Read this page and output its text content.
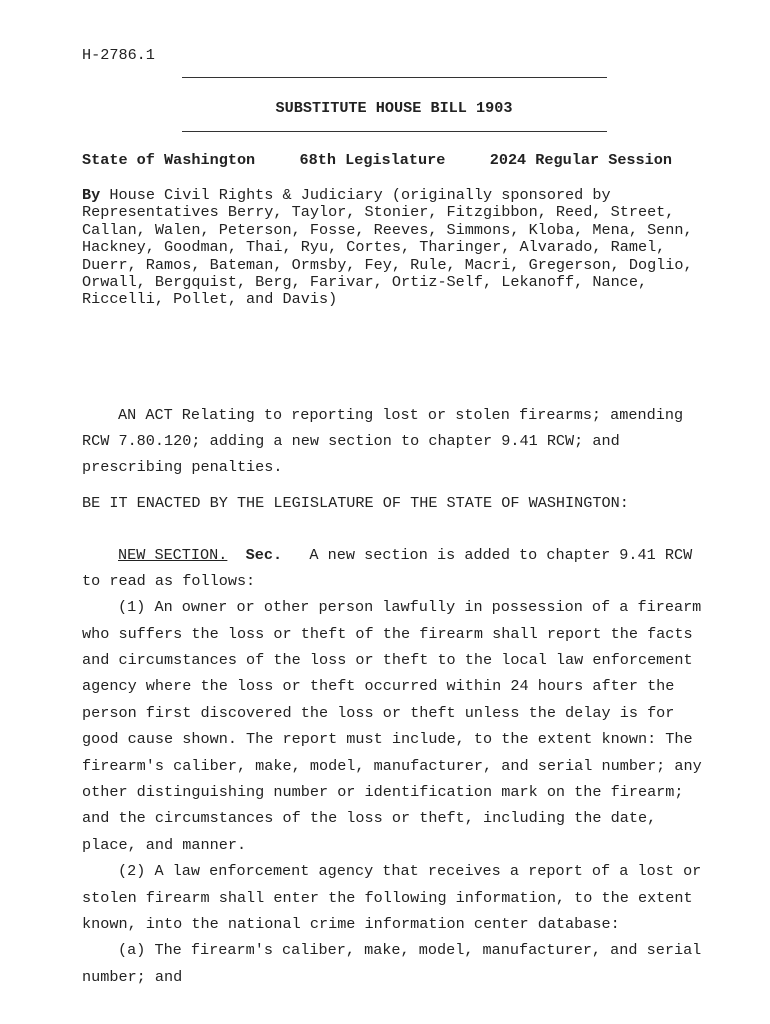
H-2786.1
SUBSTITUTE HOUSE BILL 1903
State of Washington	68th Legislature	2024 Regular Session
By House Civil Rights & Judiciary (originally sponsored by
Representatives Berry, Taylor, Stonier, Fitzgibbon, Reed, Street,
Callan, Walen, Peterson, Fosse, Reeves, Simmons, Kloba, Mena, Senn,
Hackney, Goodman, Thai, Ryu, Cortes, Tharinger, Alvarado, Ramel,
Duerr, Ramos, Bateman, Ormsby, Fey, Rule, Macri, Gregerson, Doglio,
Orwall, Bergquist, Berg, Farivar, Ortiz-Self, Lekanoff, Nance,
Riccelli, Pollet, and Davis)
AN ACT Relating to reporting lost or stolen firearms; amending
RCW 7.80.120; adding a new section to chapter 9.41 RCW; and
prescribing penalties.
BE IT ENACTED BY THE LEGISLATURE OF THE STATE OF WASHINGTON:
NEW SECTION. Sec. A new section is added to chapter 9.41 RCW
to read as follows:
(1) An owner or other person lawfully in possession of a firearm
who suffers the loss or theft of the firearm shall report the facts
and circumstances of the loss or theft to the local law enforcement
agency where the loss or theft occurred within 24 hours after the
person first discovered the loss or theft unless the delay is for
good cause shown. The report must include, to the extent known: The
firearm's caliber, make, model, manufacturer, and serial number; any
other distinguishing number or identification mark on the firearm;
and the circumstances of the loss or theft, including the date,
place, and manner.
(2) A law enforcement agency that receives a report of a lost or
stolen firearm shall enter the following information, to the extent
known, into the national crime information center database:
(a) The firearm's caliber, make, model, manufacturer, and serial
number; and
